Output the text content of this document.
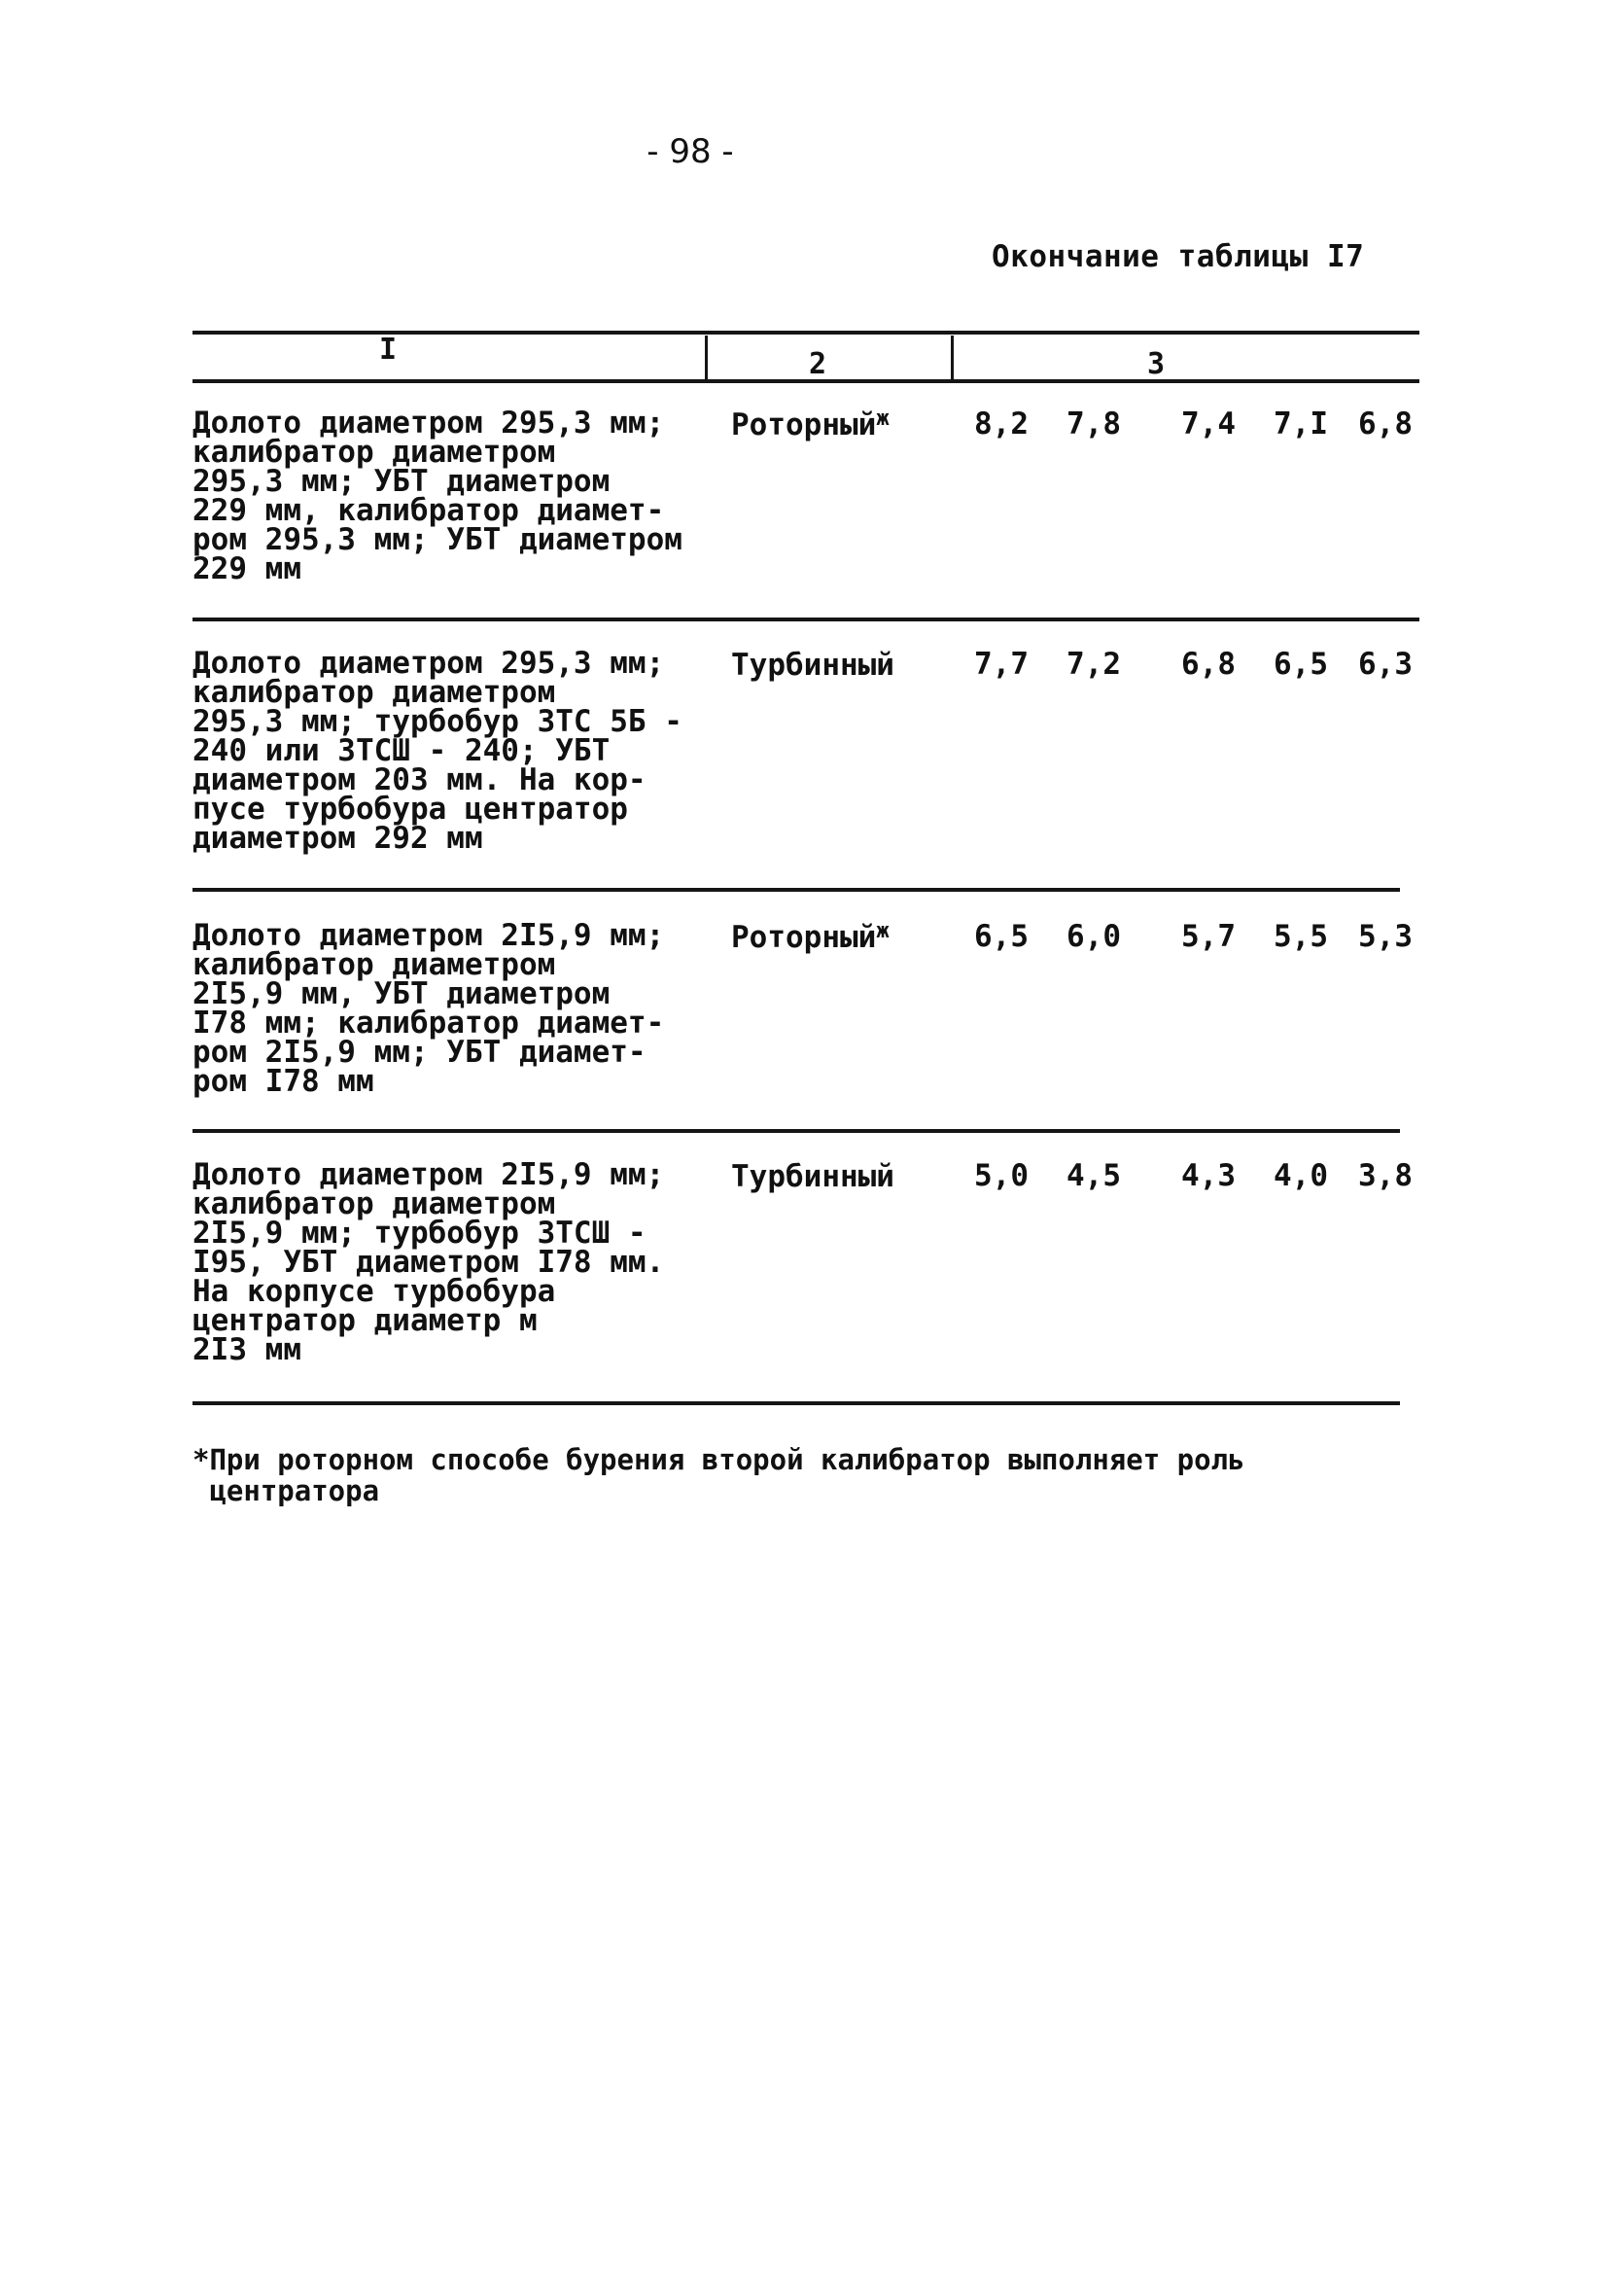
- 98 -
Окончание таблицы I7
I	2	3
Долото диаметром 295,3 мм;
калибратор диаметром
295,3 мм; УБТ диаметром
229 мм, калибратор диамет-
ром 295,3 мм; УБТ диаметром
229 мм
Роторный$^ж$	8,2	7,8	7,4	7,I	6,8
Долото диаметром 295,3 мм;
калибратор диаметром
295,3 мм; турбобур ЗТС 5Б -
240 или ЗТСШ - 240; УБТ
диаметром 203 мм. На кор-
пусе турбобура центратор
диаметром 292 мм
Турбинный	7,7	7,2	6,8	6,5	6,3
Долото диаметром 2I5,9 мм;
калибратор диаметром
2I5,9 мм, УБТ диаметром
I78 мм; калибратор диамет-
ром 2I5,9 мм; УБТ диамет-
ром I78 мм
Роторный$^ж$	6,5	6,0	5,7	5,5	5,3
Долото диаметром 2I5,9 мм;
калибратор диаметром
2I5,9 мм; турбобур ЗТСШ -
I95, УБТ диаметром I78 мм.
На корпусе турбобура
центратор диаметр м
2I3 мм
Турбинный	5,0	4,5	4,3	4,0	3,8
*При роторном способе бурения второй калибратор выполняет роль
центратора
